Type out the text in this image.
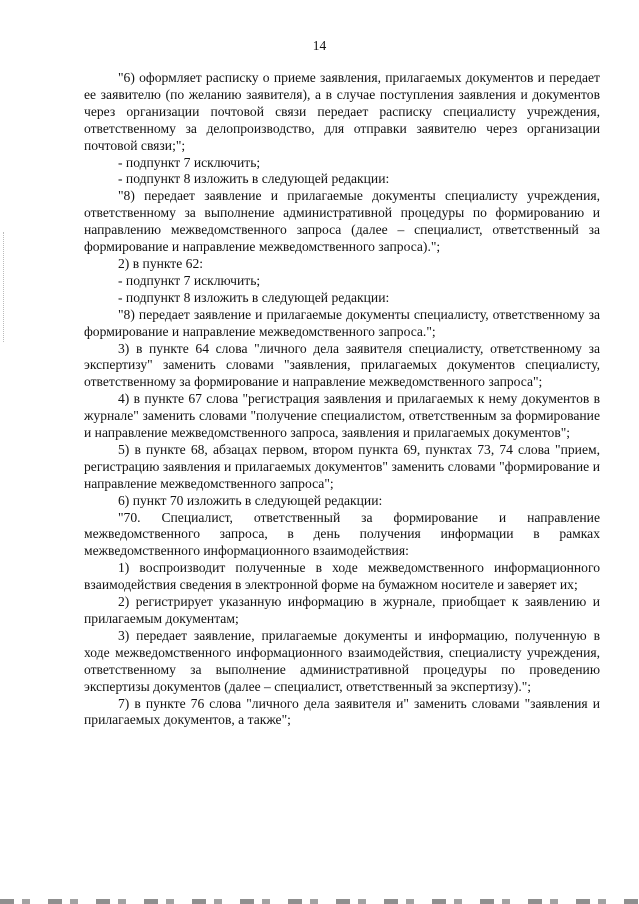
14

"6) оформляет расписку о приеме заявления, прилагаемых документов и передает ее заявителю (по желанию заявителя), а в случае поступления заявления и документов через организации почтовой связи передает расписку специалисту учреждения, ответственному за делопроизводство, для отправки заявителю через организации почтовой связи;";

- подпункт 7 исключить;

- подпункт 8 изложить в следующей редакции:

"8) передает заявление и прилагаемые документы специалисту учреждения, ответственному за выполнение административной процедуры по формированию и направлению межведомственного запроса (далее – специалист, ответственный за формирование и направление межведомственного запроса).";

2) в пункте 62:

- подпункт 7 исключить;

- подпункт 8 изложить в следующей редакции:

"8) передает заявление и прилагаемые документы специалисту, ответственному за формирование и направление межведомственного запроса.";

3) в пункте 64 слова "личного дела заявителя специалисту, ответственному за экспертизу" заменить словами "заявления, прилагаемых документов специалисту, ответственному за формирование и направление межведомственного запроса";

4) в пункте 67 слова "регистрация заявления и прилагаемых к нему документов в журнале" заменить словами "получение специалистом, ответственным за формирование и направление межведомственного запроса, заявления и прилагаемых документов";

5) в пункте 68, абзацах первом, втором пункта 69, пунктах 73, 74 слова "прием, регистрацию заявления и прилагаемых документов" заменить словами "формирование и направление межведомственного запроса";

6) пункт 70 изложить в следующей редакции:

"70. Специалист, ответственный за формирование и направление межведомственного запроса, в день получения информации в рамках межведомственного информационного взаимодействия:

1) воспроизводит полученные в ходе межведомственного информационного взаимодействия сведения в электронной форме на бумажном носителе и заверяет их;

2) регистрирует указанную информацию в журнале, приобщает к заявлению и прилагаемым документам;

3) передает заявление, прилагаемые документы и информацию, полученную в ходе межведомственного информационного взаимодействия, специалисту учреждения, ответственному за выполнение административной процедуры по проведению экспертизы документов (далее – специалист, ответственный за экспертизу).";

7) в пункте 76 слова "личного дела заявителя и" заменить словами "заявления и прилагаемых документов, а также";
